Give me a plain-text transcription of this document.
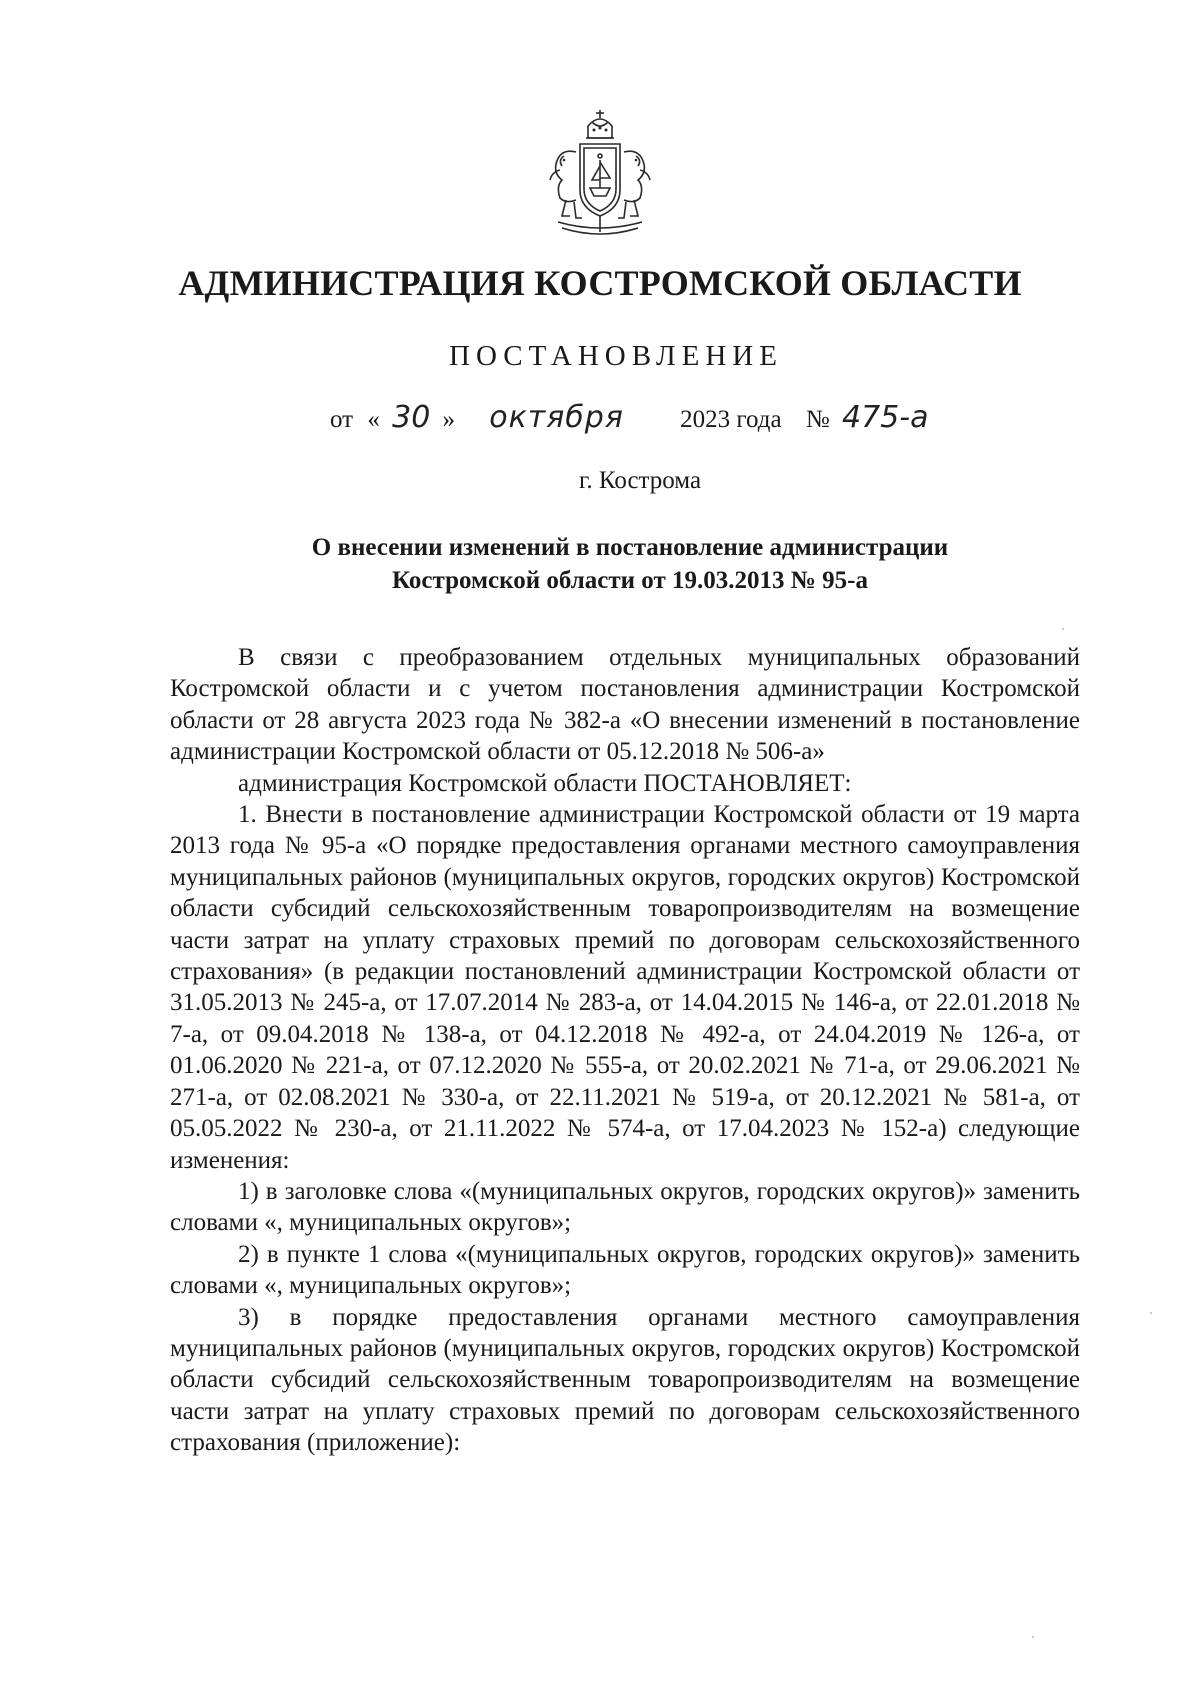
АДМИНИСТРАЦИЯ КОСТРОМСКОЙ ОБЛАСТИ
ПОСТАНОВЛЕНИЕ
от « 30 » октября 2023 года № 475-а
г. Кострома
О внесении изменений в постановление администрации
Костромской области от 19.03.2013 № 95-а

В связи с преобразованием отдельных муниципальных образований Костромской области и с учетом постановления администрации Костромской области от 28 августа 2023 года № 382-а «О внесении изменений в постановление администрации Костромской области от 05.12.2018 № 506-а»

администрация Костромской области ПОСТАНОВЛЯЕТ:

1. Внести в постановление администрации Костромской области от 19 марта 2013 года № 95-а «О порядке предоставления органами местного самоуправления муниципальных районов (муниципальных округов, городских округов) Костромской области субсидий сельскохозяйственным товаропроизводителям на возмещение части затрат на уплату страховых премий по договорам сельскохозяйственного страхования» (в редакции постановлений администрации Костромской области от 31.05.2013 № 245-а, от 17.07.2014 № 283-а, от 14.04.2015 № 146-а, от 22.01.2018 № 7-а, от 09.04.2018 № 138-а, от 04.12.2018 № 492-а, от 24.04.2019 № 126-а, от 01.06.2020 № 221-а, от 07.12.2020 № 555-а, от 20.02.2021 № 71-а, от 29.06.2021 № 271-а, от 02.08.2021 № 330-а, от 22.11.2021 № 519-а, от 20.12.2021 № 581-а, от 05.05.2022 № 230-а, от 21.11.2022 № 574-а, от 17.04.2023 № 152-а) следующие изменения:

1) в заголовке слова «(муниципальных округов, городских округов)» заменить словами «, муниципальных округов»;

2) в пункте 1 слова «(муниципальных округов, городских округов)» заменить словами «, муниципальных округов»;

3) в порядке предоставления органами местного самоуправления муниципальных районов (муниципальных округов, городских округов) Костромской области субсидий сельскохозяйственным товаропроизводителям на возмещение части затрат на уплату страховых премий по договорам сельскохозяйственного страхования (приложение):
